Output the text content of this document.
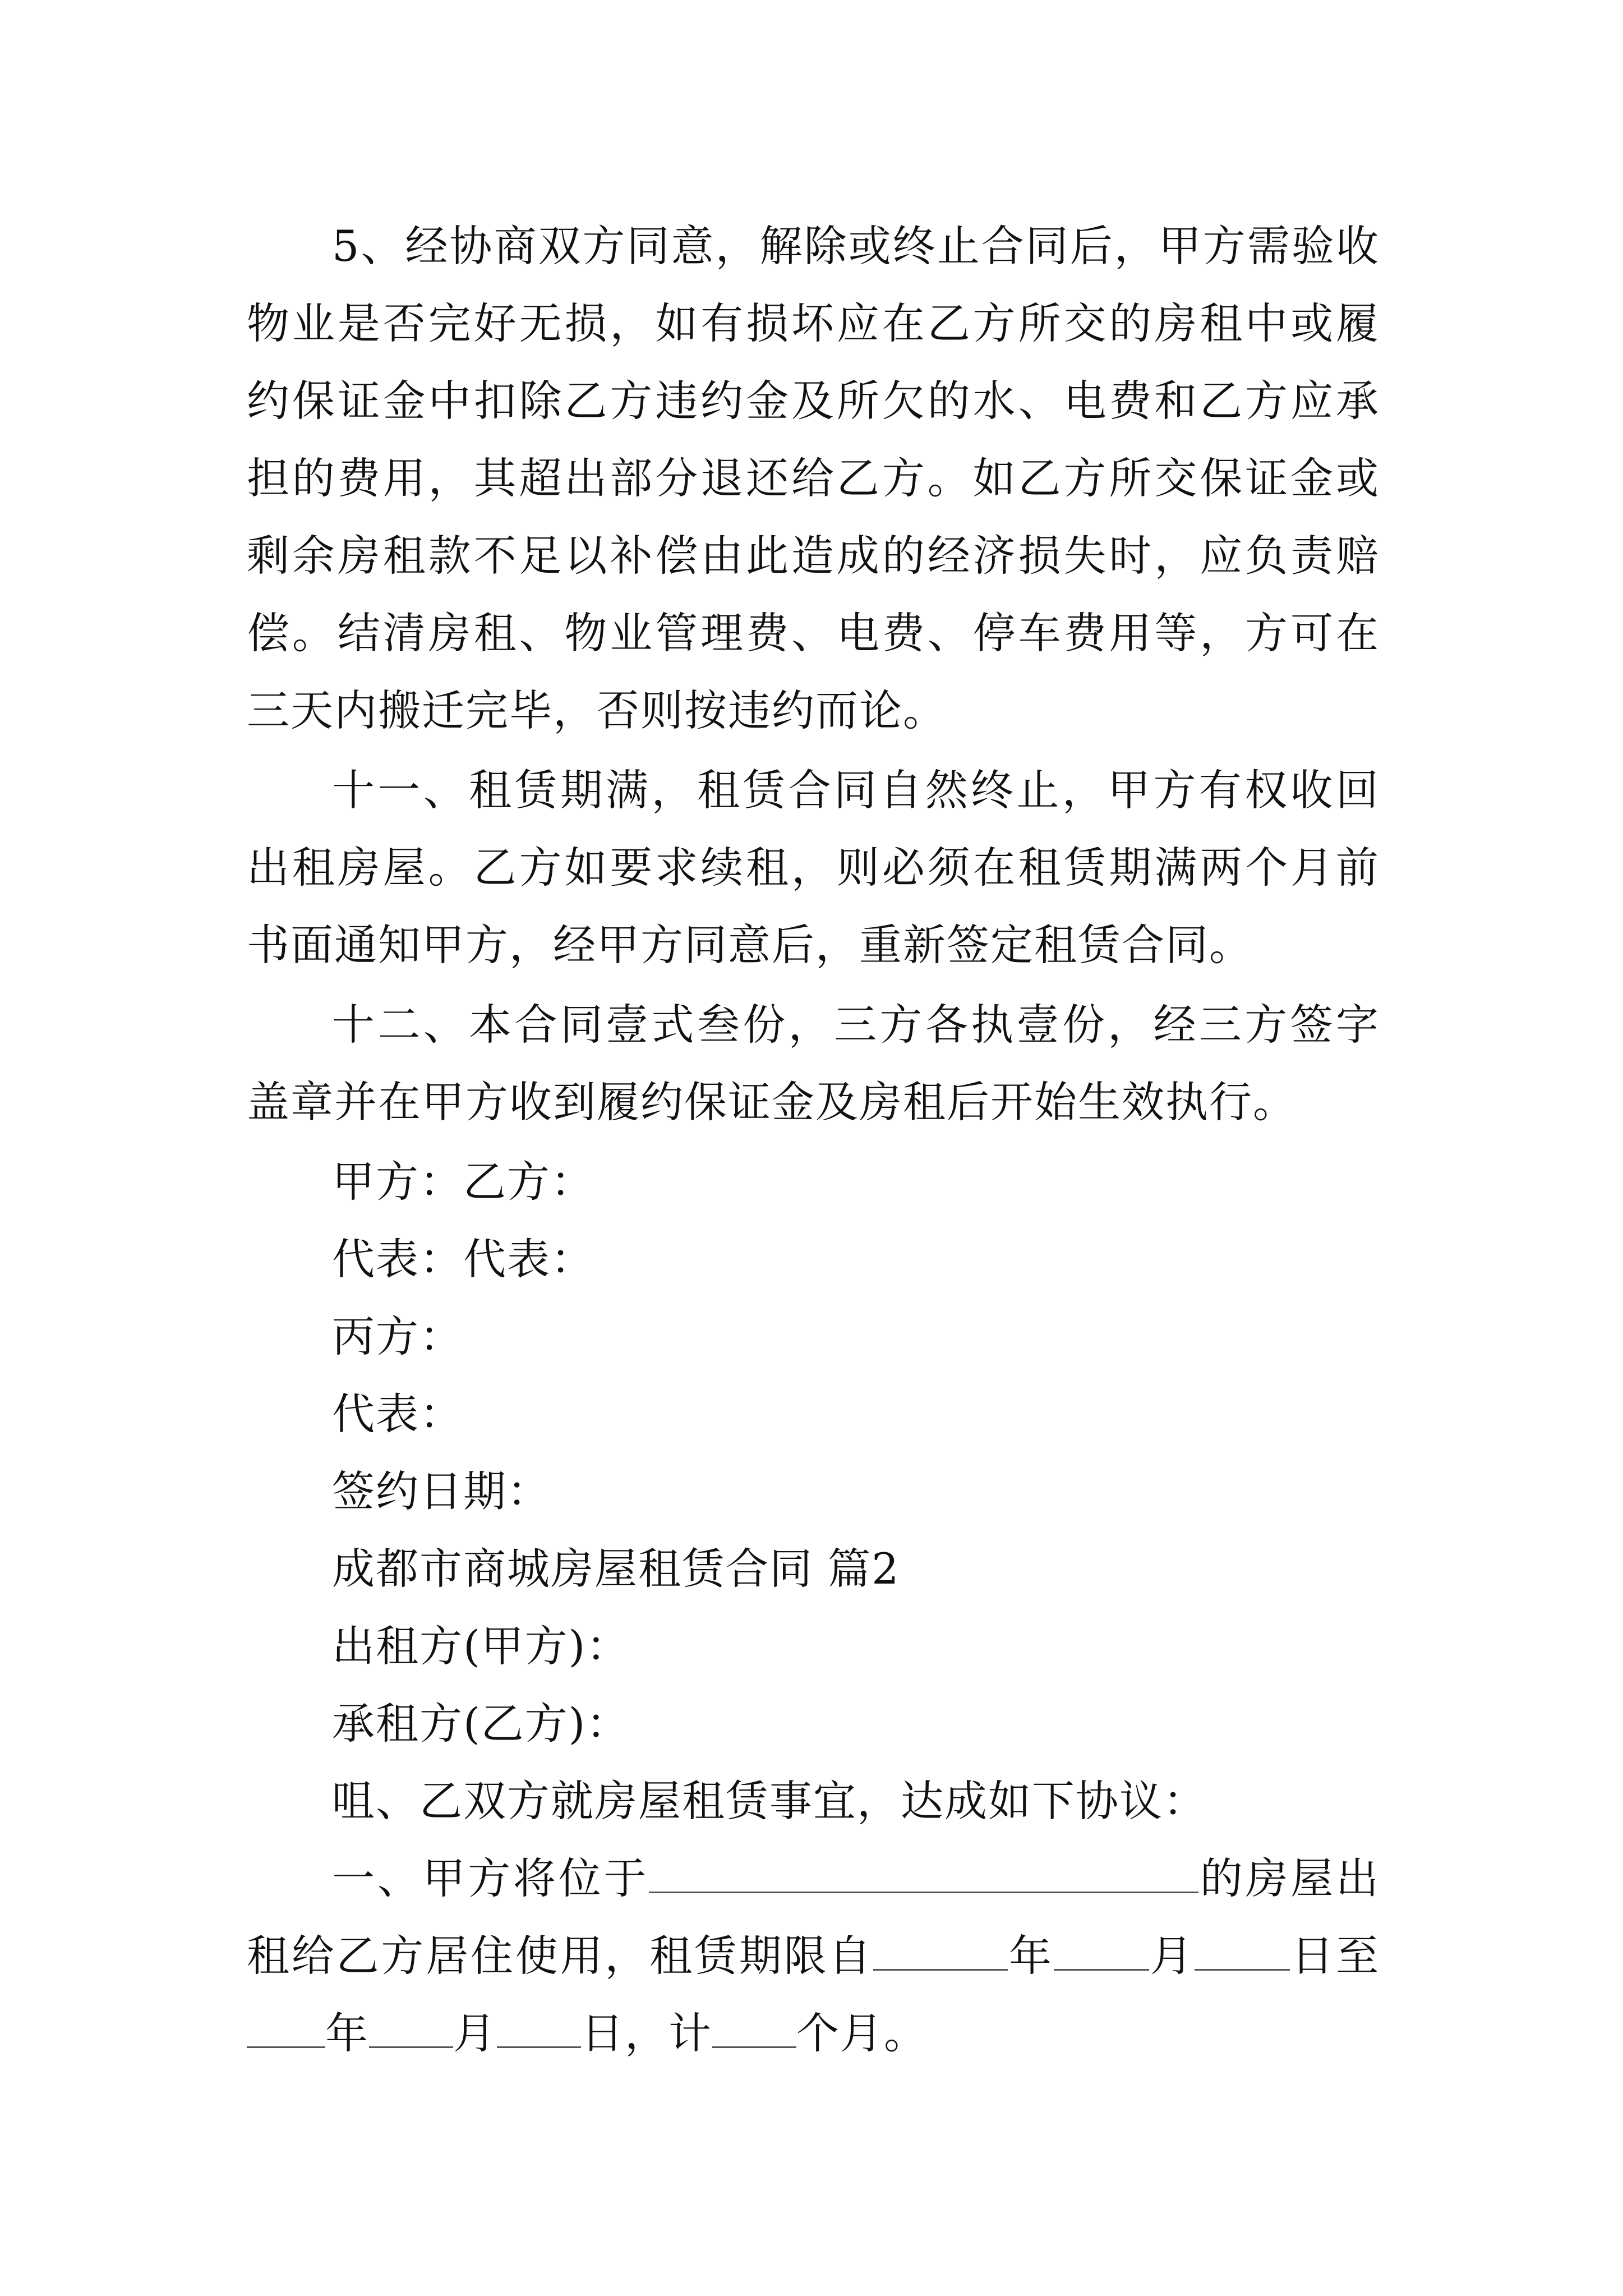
5、经协商双方同意，解除或终止合同后，甲方需验收物业是否完好无损，如有损坏应在乙方所交的房租中或履约保证金中扣除乙方违约金及所欠的水、电费和乙方应承担的费用，其超出部分退还给乙方。如乙方所交保证金或剩余房租款不足以补偿由此造成的经济损失时，应负责赔偿。结清房租、物业管理费、电费、停车费用等，方可在三天内搬迁完毕，否则按违约而论。

十一、租赁期满，租赁合同自然终止，甲方有权收回出租房屋。乙方如要求续租，则必须在租赁期满两个月前书面通知甲方，经甲方同意后，重新签定租赁合同。

十二、本合同壹式叁份，三方各执壹份，经三方签字盖章并在甲方收到履约保证金及房租后开始生效执行。

甲方：乙方：

代表：代表：

丙方：

代表：

签约日期：

成都市商城房屋租赁合同 篇2

出租方(甲方)：

承租方(乙方)：

咀、乙双方就房屋租赁事宜，达成如下协议：

一、甲方将位于	的房屋出租给乙方居住使用，租赁期限自	年 月 日至年 月 日，计 个月。
